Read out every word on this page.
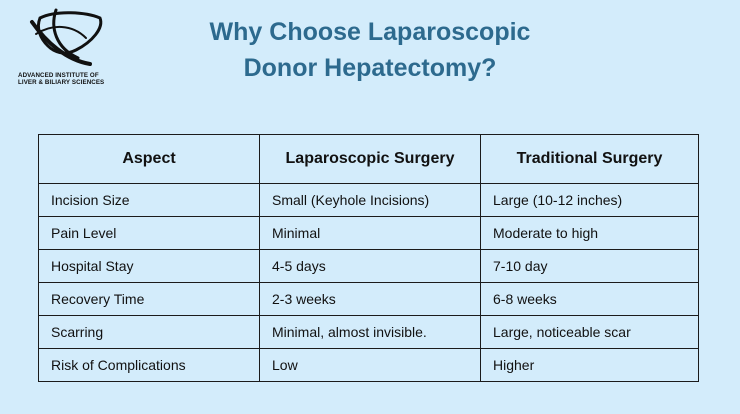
ADVANCED INSTITUTE OF
LIVER & BILIARY SCIENCES
Why Choose Laparoscopic
Donor Hepatectomy?
Aspect	Laparoscopic Surgery	Traditional Surgery
Incision Size	Small (Keyhole Incisions)	Large (10-12 inches)
Pain Level	Minimal	Moderate to high
Hospital Stay	4-5 days	7-10 day
Recovery Time	2-3 weeks	6-8 weeks
Scarring	Minimal, almost invisible.	Large, noticeable scar
Risk of Complications	Low	Higher
